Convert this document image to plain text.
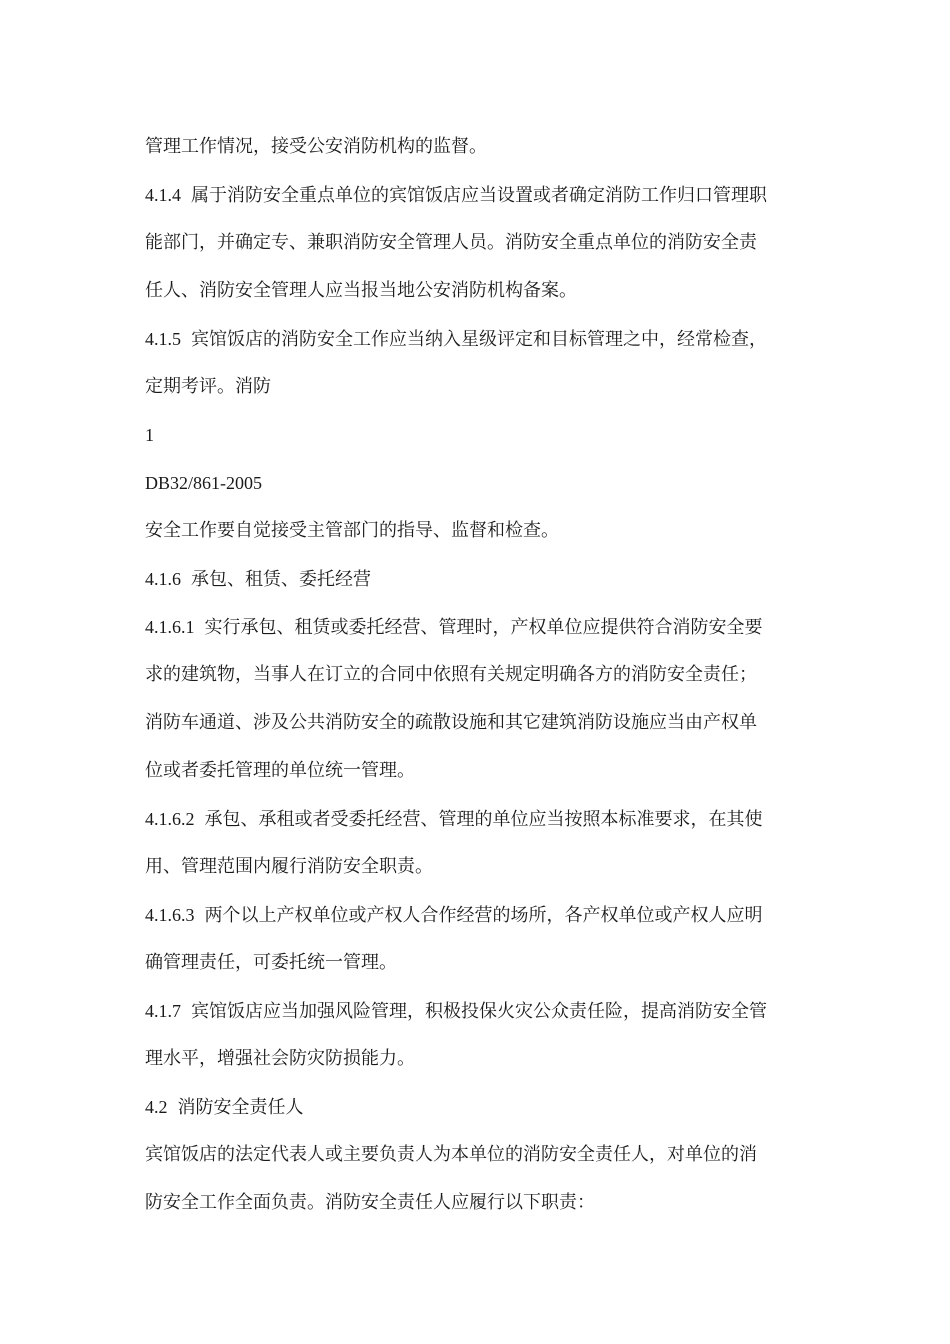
管理工作情况，接受公安消防机构的监督。
4.1.4 属于消防安全重点单位的宾馆饭店应当设置或者确定消防工作归口管理职
能部门，并确定专、兼职消防安全管理人员。消防安全重点单位的消防安全责
任人、消防安全管理人应当报当地公安消防机构备案。
4.1.5 宾馆饭店的消防安全工作应当纳入星级评定和目标管理之中，经常检查，
定期考评。消防
1
DB32/861-2005
安全工作要自觉接受主管部门的指导、监督和检查。
4.1.6 承包、租赁、委托经营
4.1.6.1 实行承包、租赁或委托经营、管理时，产权单位应提供符合消防安全要
求的建筑物，当事人在订立的合同中依照有关规定明确各方的消防安全责任；
消防车通道、涉及公共消防安全的疏散设施和其它建筑消防设施应当由产权单
位或者委托管理的单位统一管理。
4.1.6.2 承包、承租或者受委托经营、管理的单位应当按照本标准要求，在其使
用、管理范围内履行消防安全职责。
4.1.6.3 两个以上产权单位或产权人合作经营的场所，各产权单位或产权人应明
确管理责任，可委托统一管理。
4.1.7 宾馆饭店应当加强风险管理，积极投保火灾公众责任险，提高消防安全管
理水平，增强社会防灾防损能力。
4.2 消防安全责任人
宾馆饭店的法定代表人或主要负责人为本单位的消防安全责任人，对单位的消
防安全工作全面负责。消防安全责任人应履行以下职责：
